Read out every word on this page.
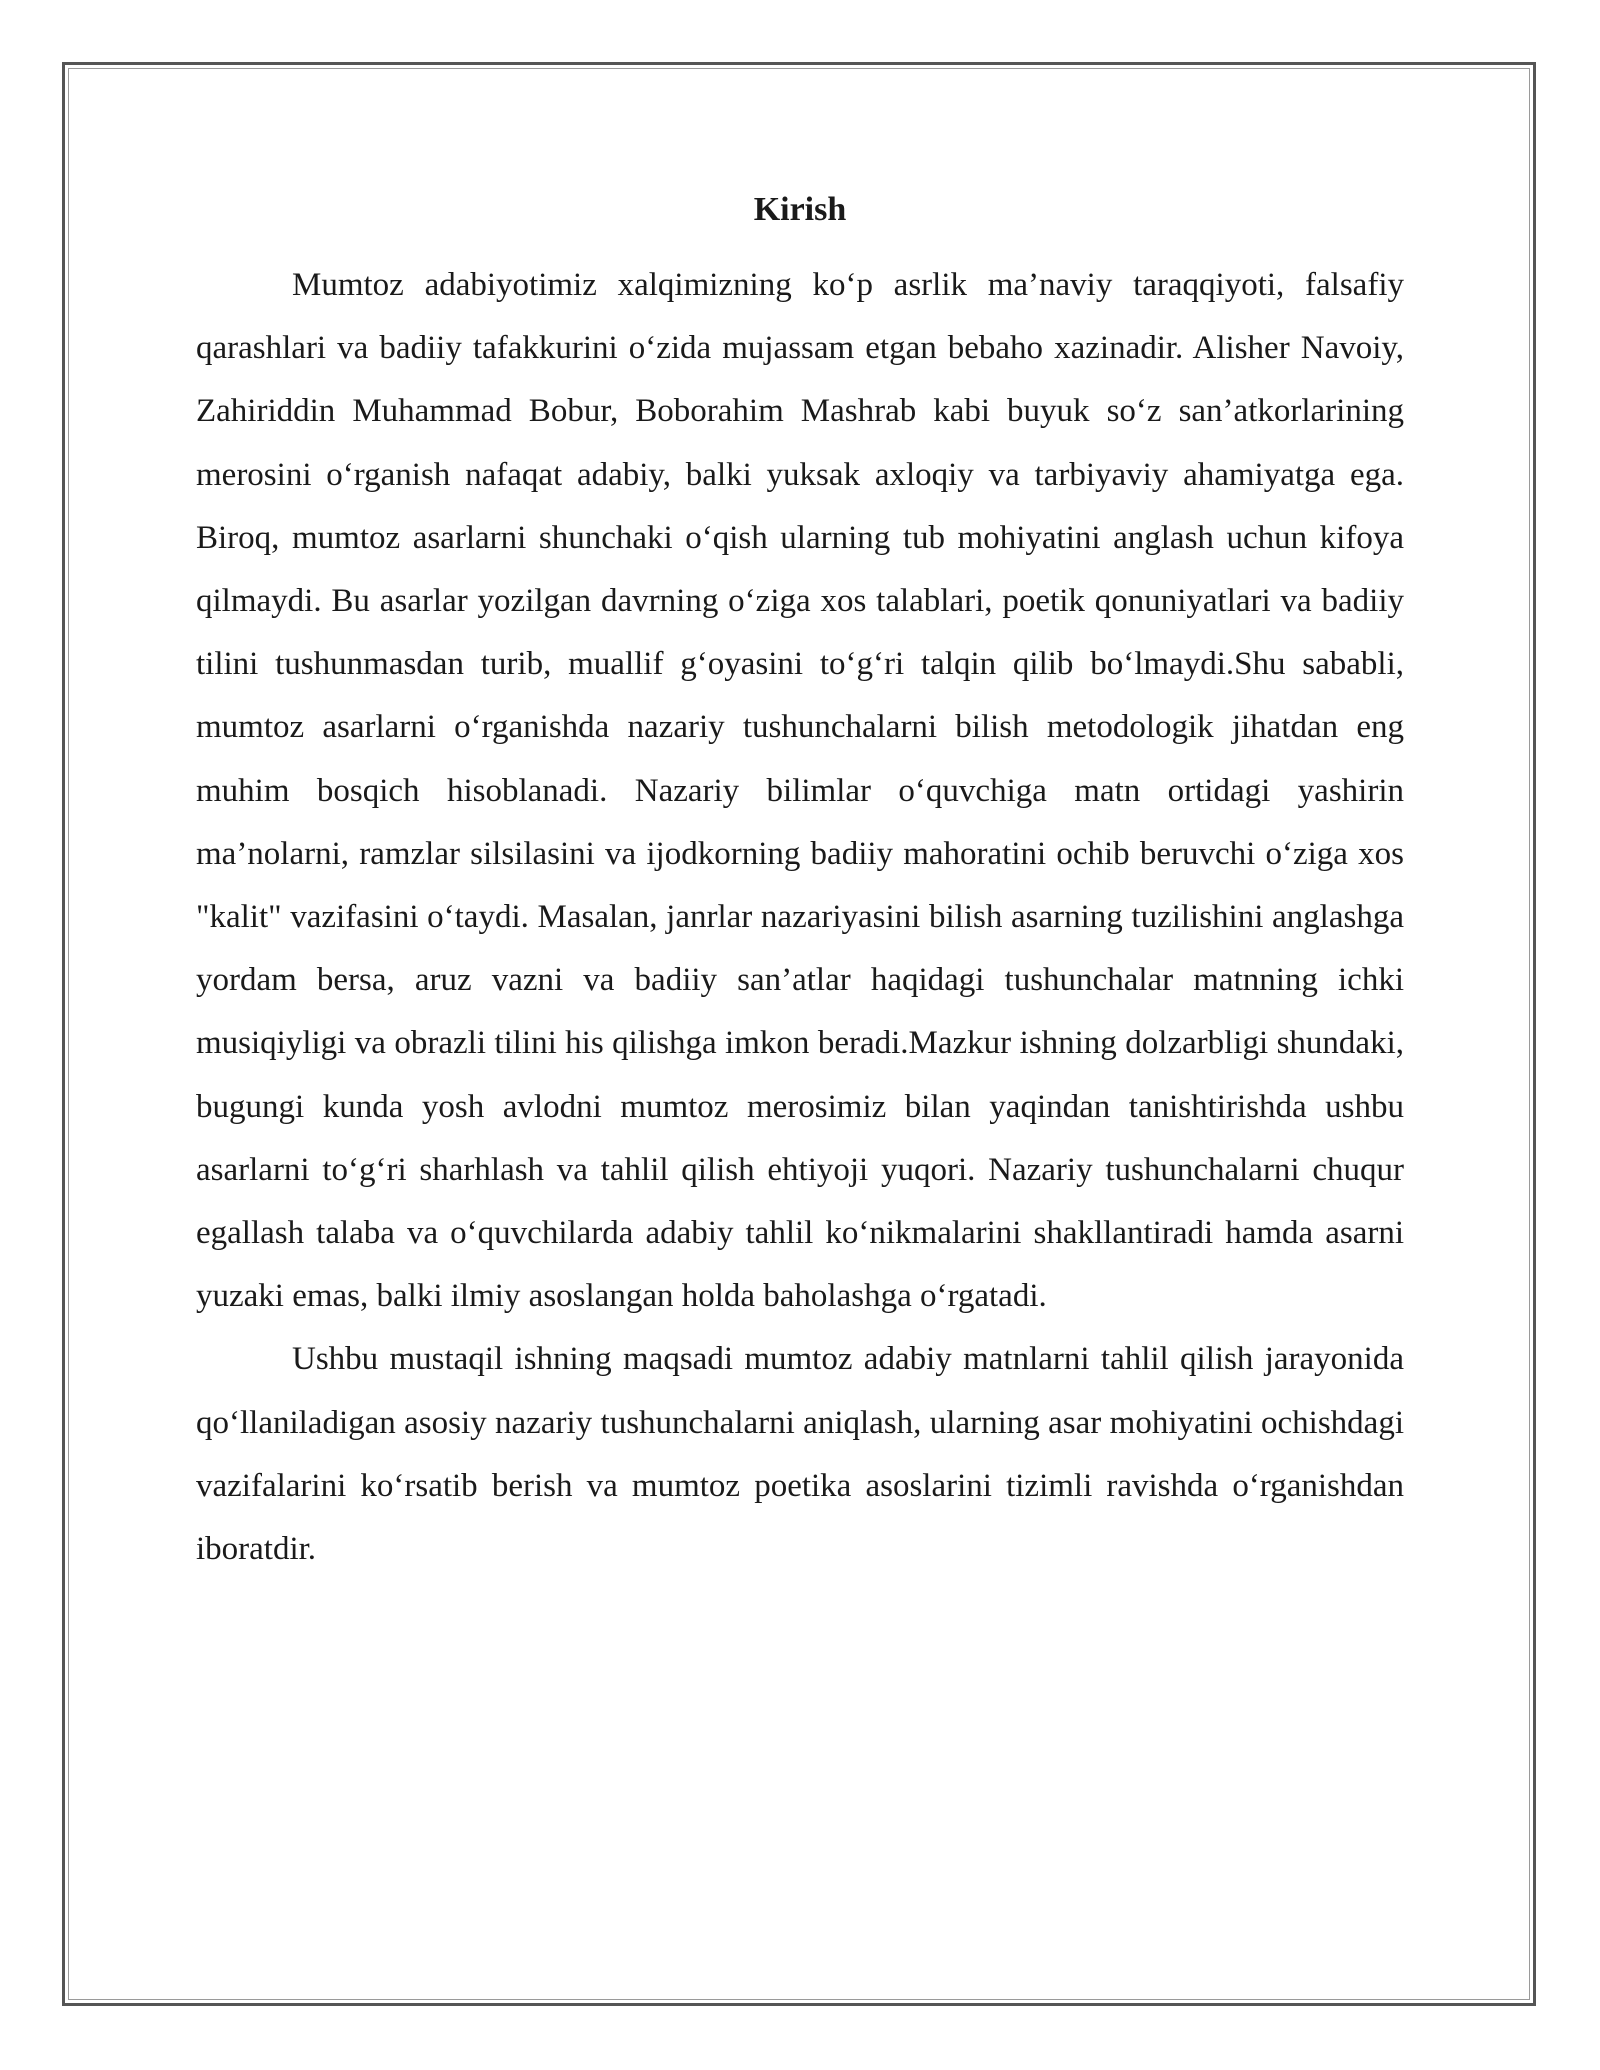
Kirish

Mumtoz adabiyotimiz xalqimizning ko‘p asrlik ma’naviy taraqqiyoti, falsafiy qarashlari va badiiy tafakkurini o‘zida mujassam etgan bebaho xazinadir. Alisher Navoiy, Zahiriddin Muhammad Bobur, Boborahim Mashrab kabi buyuk so‘z san’atkorlarining merosini o‘rganish nafaqat adabiy, balki yuksak axloqiy va tarbiyaviy ahamiyatga ega. Biroq, mumtoz asarlarni shunchaki o‘qish ularning tub mohiyatini anglash uchun kifoya qilmaydi. Bu asarlar yozilgan davrning o‘ziga xos talablari, poetik qonuniyatlari va badiiy tilini tushunmasdan turib, muallif g‘oyasini to‘g‘ri talqin qilib bo‘lmaydi.Shu sababli, mumtoz asarlarni o‘rganishda nazariy tushunchalarni bilish metodologik jihatdan eng muhim bosqich hisoblanadi. Nazariy bilimlar o‘quvchiga matn ortidagi yashirin ma’nolarni, ramzlar silsilasini va ijodkorning badiiy mahoratini ochib beruvchi o‘ziga xos "kalit" vazifasini o‘taydi. Masalan, janrlar nazariyasini bilish asarning tuzilishini anglashga yordam bersa, aruz vazni va badiiy san’atlar haqidagi tushunchalar matnning ichki musiqiyligi va obrazli tilini his qilishga imkon beradi.Mazkur ishning dolzarbligi shundaki, bugungi kunda yosh avlodni mumtoz merosimiz bilan yaqindan tanishtirishda ushbu asarlarni to‘g‘ri sharhlash va tahlil qilish ehtiyoji yuqori. Nazariy tushunchalarni chuqur egallash talaba va o‘quvchilarda adabiy tahlil ko‘nikmalarini shakllantiradi hamda asarni yuzaki emas, balki ilmiy asoslangan holda baholashga o‘rgatadi.

Ushbu mustaqil ishning maqsadi mumtoz adabiy matnlarni tahlil qilish jarayonida qo‘llaniladigan asosiy nazariy tushunchalarni aniqlash, ularning asar mohiyatini ochishdagi vazifalarini ko‘rsatib berish va mumtoz poetika asoslarini tizimli ravishda o‘rganishdan iboratdir.
